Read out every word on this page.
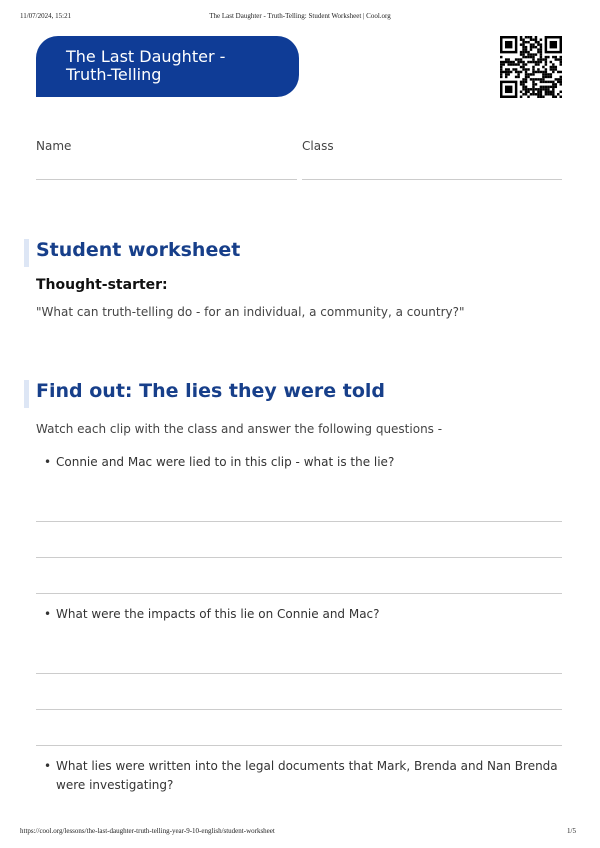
11/07/2024, 15:21	The Last Daughter - Truth-Telling: Student Worksheet | Cool.org
The Last Daughter -
Truth-Telling
Name	Class
Student worksheet
Thought-starter:
"What can truth-telling do - for an individual, a community, a country?"
Find out: The lies they were told
Watch each clip with the class and answer the following questions -
• Connie and Mac were lied to in this clip - what is the lie?
• What were the impacts of this lie on Connie and Mac?
• What lies were written into the legal documents that Mark, Brenda and Nan Brenda were investigating?
https://cool.org/lessons/the-last-daughter-truth-telling-year-9-10-english/student-worksheet	1/5
